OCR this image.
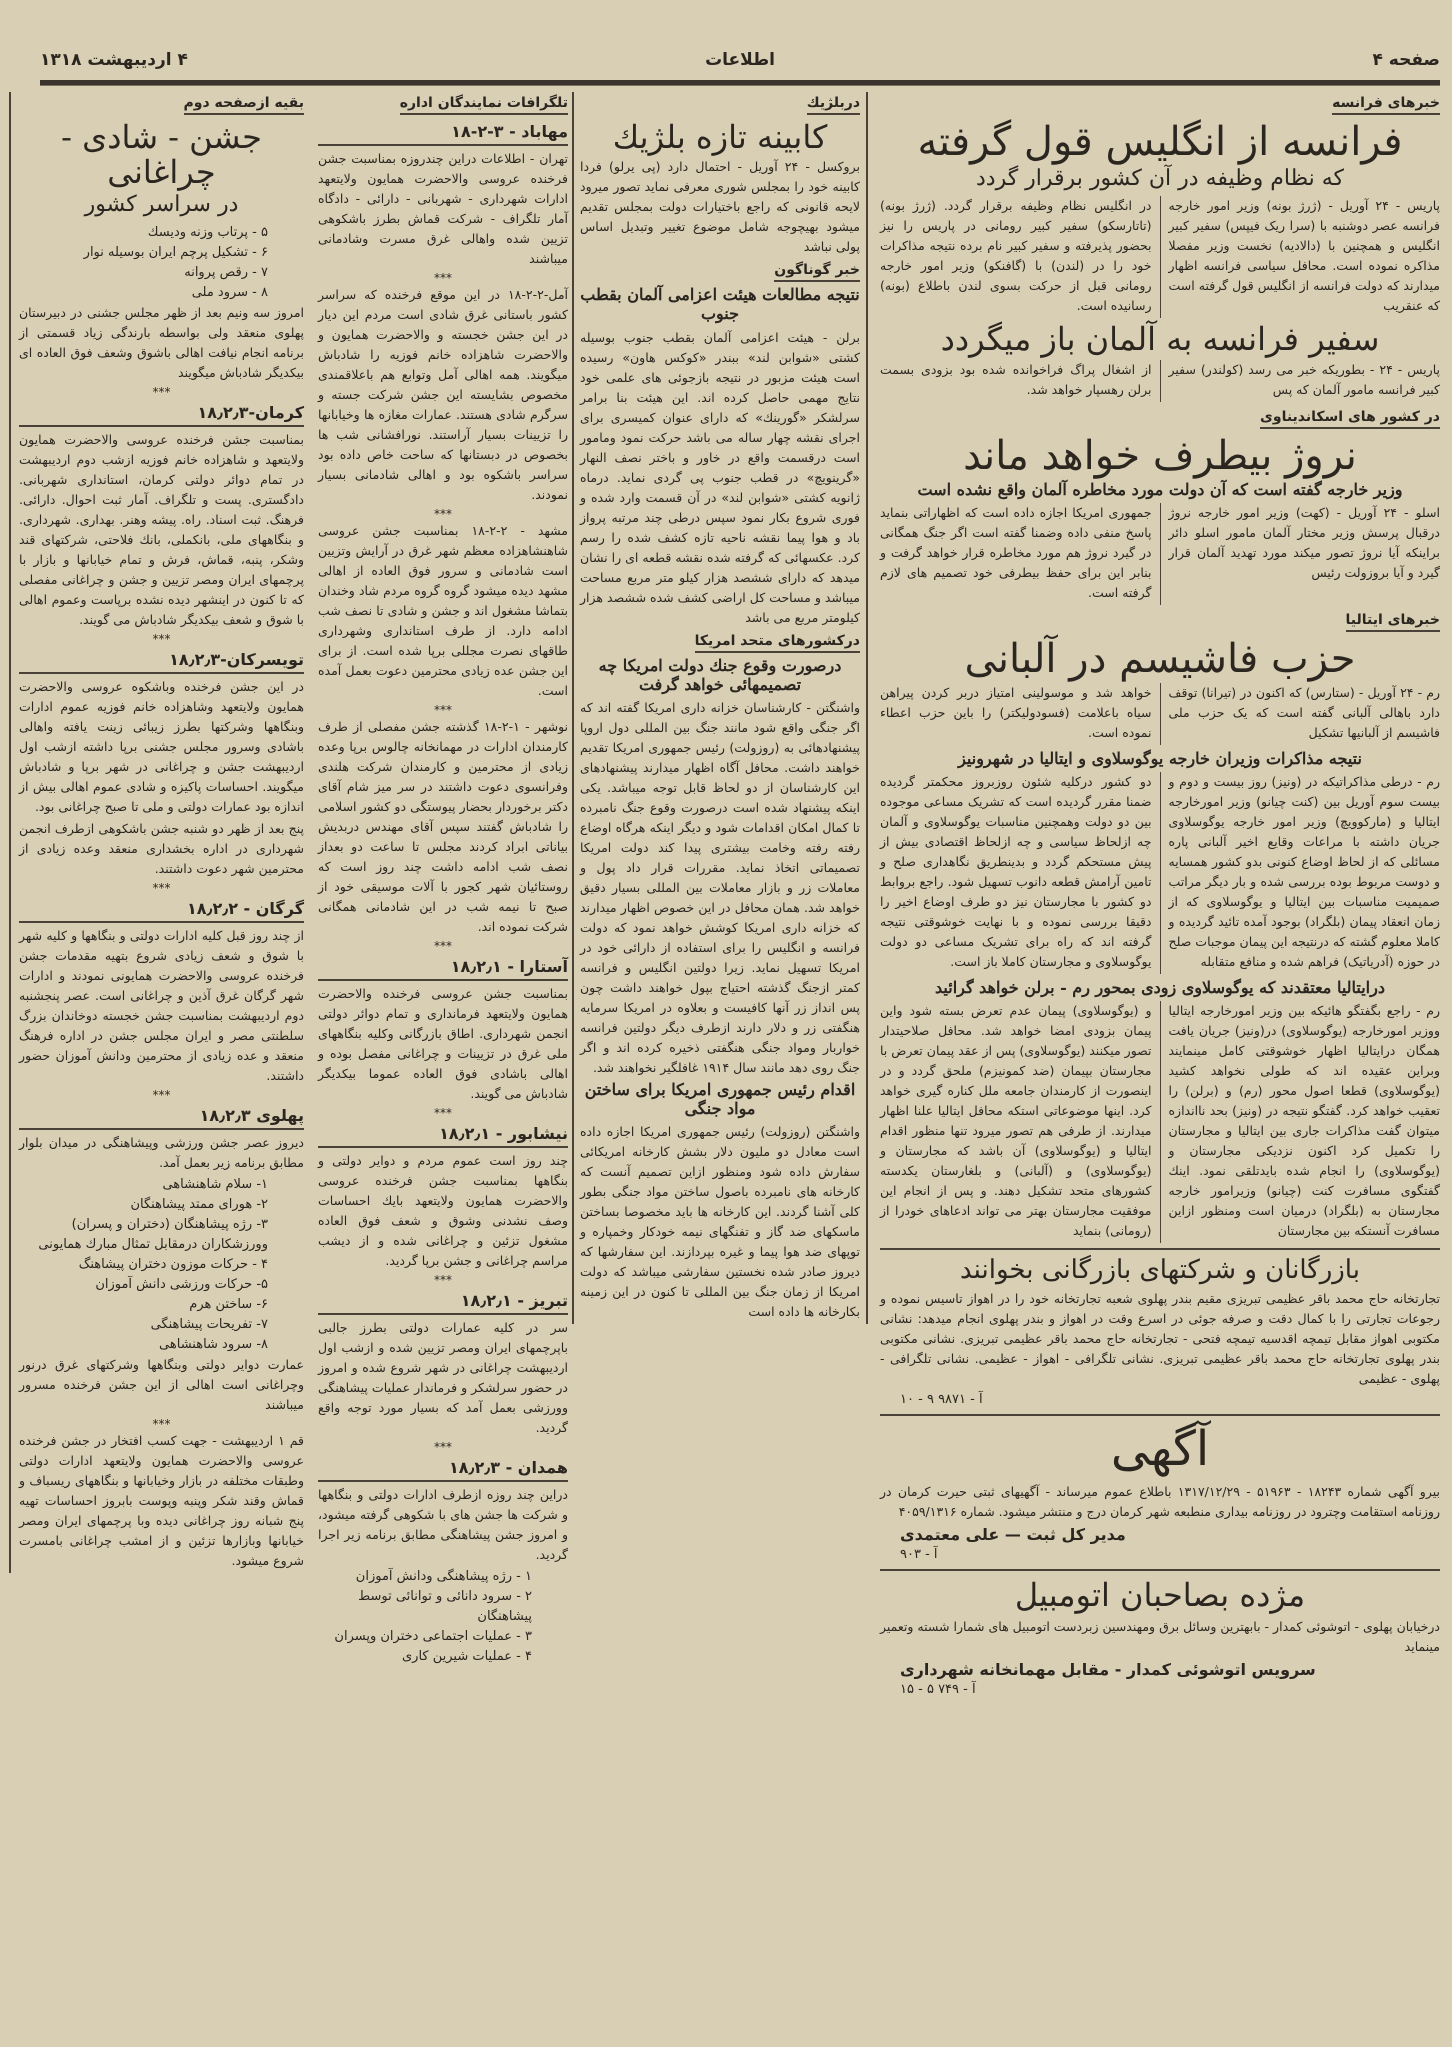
صفحه ۴
اطلاعات
۴ اردیبهشت ۱۳۱۸
خبرهای فرانسه
فرانسه از انگلیس قول گرفته
که نظام وظیفه در آن کشور برقرار گردد

پاریس - ۲۴ آوریل - (ژرژ بونه) وزیر امور خارجه فرانسه عصر دوشنبه با (سرا ریک فیپس) سفیر کبیر انگلیس و همچنین با (دالادیه) نخست وزیر مفصلا مذاکره نموده است. محافل سیاسی فرانسه اظهار میدارند که دولت فرانسه از انگلیس قول گرفته است که عنقریب

در انگلیس نظام وظیفه برقرار گردد. (ژرژ بونه) (تاتارسکو) سفیر کبیر رومانی در پاریس را نیز بحضور پذیرفته و سفیر کبیر نام برده نتیجه مذاکرات خود را در (لندن) با (گافنکو) وزیر امور خارجه رومانی قبل از حرکت بسوی لندن باطلاع (بونه) رسانیده است.

سفیر فرانسه به آلمان باز میگردد

پاریس - ۲۴ - بطوریکه خبر می رسد (کولندر) سفیر کبیر فرانسه مامور آلمان که پس

از اشغال پراگ فراخوانده شده بود بزودی بسمت برلن رهسپار خواهد شد.

در کشور های اسکاندیناوی
نروژ بیطرف خواهد ماند
وزیر خارجه گفته است که آن دولت مورد مخاطره آلمان واقع نشده است

اسلو - ۲۴ آوریل - (کهت) وزیر امور خارجه نروژ درقبال پرسش وزیر مختار آلمان مامور اسلو دائر براینکه آیا نروژ تصور میکند مورد تهدید آلمان قرار گیرد و آیا بروزولت رئیس

جمهوری امریکا اجازه داده است که اظهاراتی بنماید پاسخ منفی داده وضمنا گفته است اگر جنگ همگانی در گیرد نروژ هم مورد مخاطره قرار خواهد گرفت و بنابر این برای حفظ بیطرفی خود تصمیم های لازم گرفته است.

خبرهای ایتالیا
حزب فاشیسم در آلبانی

رم - ۲۴ آوریل - (ستارس) که اکنون در (تیرانا) توقف دارد باهالی آلبانی گفته است که یک حزب ملی فاشیسم از آلبانیها تشکیل

خواهد شد و موسولینی امتیاز دربر کردن پیراهن سیاه باعلامت (فسودولیکتر) را باین حزب اعطاء نموده است.

نتیجه مذاکرات وزیران خارجه یوگوسلاوی و ایتالیا در شهرونیز

رم - درطی مذاکراتیکه در (ونیز) روز بیست و دوم و بیست سوم آوریل بین (کنت چیانو) وزیر امورخارجه ایتالیا و (مارکوویچ) وزیر امور خارجه یوگوسلاوی جریان داشته با مراعات وقایع اخیر آلبانی پاره مسائلی که از لحاظ اوضاع کنونی بدو کشور همسایه و دوست مربوط بوده بررسی شده و بار دیگر مراتب صمیمیت مناسبات بین ایتالیا و یوگوسلاوی که از زمان انعقاد پیمان (بلگراد) بوجود آمده تائید گردیده و کاملا معلوم گشته که درنتیجه این پیمان موجبات صلح در حوزه (آدریاتیک) فراهم شده و منافع متقابله

دو کشور درکلیه شئون روزبروز محکمتر گردیده ضمنا مقرر گردیده است که تشریک مساعی موجوده بین دو دولت وهمچنین مناسبات یوگوسلاوی و آلمان چه ازلحاظ سیاسی و چه ازلحاظ اقتصادی بیش از پیش مستحکم گردد و بدینطریق نگاهداری صلح و تامین آرامش قطعه دانوب تسهیل شود. راجع بروابط دو کشور با مجارستان نیز دو طرف اوضاع اخیر را دقیقا بررسی نموده و با نهایت خوشوقتی نتیجه گرفته اند که راه برای تشریک مساعی دو دولت یوگوسلاوی و مجارستان کاملا باز است.

درایتالیا معتقدند که یوگوسلاوی زودی بمحور رم - برلن خواهد گرائید

رم - راجع بگفتگو هائیکه بین وزیر امورخارجه ایتالیا ووزیر امورخارجه (یوگوسلاوی) در(ونیز) جریان یافت همگان درایتالیا اظهار خوشوقتی کامل مینمایند وبراین عقیده اند که طولی نخواهد کشید (یوگوسلاوی) قطعا اصول محور (رم) و (برلن) را تعقیب خواهد کرد. گفتگو نتیجه در (ونیز) بحد نااندازه میتوان گفت مذاکرات جاری بین ایتالیا و مجارستان را تکمیل کرد اکنون نزدیکی مجارستان و (یوگوسلاوی) را انجام شده بایدتلقی نمود. اینك گفتگوی مسافرت کنت (چیانو) وزیرامور خارجه مجارستان به (بلگراد) درمیان است ومنظور ازاین مسافرت آنستکه بین مجارستان

و (یوگوسلاوی) پیمان عدم تعرض بسته شود واین پیمان بزودی امضا خواهد شد. محافل صلاحیتدار تصور میکنند (یوگوسلاوی) پس از عقد پیمان تعرض با مجارستان بپیمان (ضد کمونیزم) ملحق گردد و در اینصورت از کارمندان جامعه ملل کناره گیری خواهد کرد. اینها موضوعاتی استکه محافل ایتالیا علنا اظهار میدارند. از طرفی هم تصور میرود تنها منظور اقدام ایتالیا و (یوگوسلاوی) آن باشد که مجارستان و (یوگوسلاوی) و (آلبانی) و بلغارستان یکدسته کشورهای متحد تشکیل دهند. و پس از انجام این موفقیت مجارستان بهتر می تواند ادعاهای خودرا از (رومانی) بنماید

بازرگانان و شرکتهای بازرگانی بخوانند

تجارتخانه حاج محمد باقر عظیمی تبریزی مقیم بندر پهلوی شعبه تجارتخانه خود را در اهواز تاسیس نموده و رجوعات تجارتی را با کمال دقت و صرفه جوئی در اسرع وقت در اهواز و بندر پهلوی انجام میدهد: نشانی مکتوبی اهواز مقابل تیمچه اقدسیه تیمچه فتحی - تجارتخانه حاج محمد باقر عظیمی تبریزی. نشانی مکتوبی بندر پهلوی تجارتخانه حاج محمد باقر عظیمی تبریزی. نشانی تلگرافی - اهواز - عظیمی. نشانی تلگرافی - پهلوی - عظیمی

آ - ۹۸۷۱ ۹ - ۱۰
آگهی

بیرو آگهی شماره ۱۸۲۴۳ - ۵۱۹۶۳ - ۱۳۱۷/۱۲/۲۹ باطلاع عموم میرساند - آگهیهای ثبتی حیرت کرمان در روزنامه استقامت وچترود در روزنامه بیداری منطبعه شهر کرمان درج و منتشر میشود. شماره ۴۰۵۹/۱۳۱۶

مدیر کل ثبت — علی معتمدی
آ - ۹۰۳
مژده بصاحبان اتومبیل

درخیابان پهلوی - اتوشوئی کمدار - بابهترین وسائل برق ومهندسین زبردست اتومبیل های شمارا شسته وتعمیر مینماید

سرویس اتوشوئی کمدار - مقابل مهمانخانه شهرداری
آ - ۷۴۹ ۵ - ۱۵
دربلژیك
کابینه تازه بلژیك

بروکسل - ۲۴ آوریل - احتمال دارد (پی یرلو) فردا کابینه خود را بمجلس شوری معرفی نماید تصور میرود لایحه قانونی که راجع باختیارات دولت بمجلس تقدیم میشود بهیچوجه شامل موضوع تغییر وتبدیل اساس پولی نباشد

خبر گوناگون
نتیجه مطالعات هیئت اعزامی آلمان بقطب جنوب

برلن - هیئت اعزامی آلمان بقطب جنوب بوسیله کشتی «شوابن لند» ببندر «کوکس هاون» رسیده است هیئت مزبور در نتیجه بازجوئی های علمی خود نتایج مهمی حاصل کرده اند. این هیئت بنا برامر سرلشکر «گورینك» که دارای عنوان کمیسری برای اجرای نقشه چهار ساله می باشد حرکت نمود ومامور است درقسمت واقع در خاور و باختر نصف النهار «گرینویچ» در قطب جنوب پی گردی نماید. درماه ژانویه کشتی «شوابن لند» در آن قسمت وارد شده و فوری شروع بکار نمود سپس درطی چند مرتبه پرواز باد و هوا پیما نقشه ناحیه تازه کشف شده را رسم کرد. عکسهائی که گرفته شده نقشه قطعه ای را نشان میدهد که دارای ششصد هزار کیلو متر مربع مساحت میباشد و مساحت کل اراضی کشف شده ششصد هزار کیلومتر مربع می باشد

درکشورهای متحد امریکا
درصورت وقوع جنك دولت امریکا چه تصمیمهائی خواهد گرفت

واشنگتن - کارشناسان خزانه داری امریکا گفته اند که اگر جنگی واقع شود مانند جنگ بین المللی دول اروپا پیشنهادهائی به (روزولت) رئیس جمهوری امریکا تقدیم خواهند داشت. محافل آگاه اظهار میدارند پیشنهادهای این کارشناسان از دو لحاظ قابل توجه میباشد. یکی اینکه پیشنهاد شده است درصورت وقوع جنگ نامبرده تا کمال امکان اقدامات شود و دیگر اینکه هرگاه اوضاع رفته رفته وخامت بیشتری پیدا کند دولت امریکا تصمیماتی اتخاذ نماید. مقررات قرار داد پول و معاملات زر و بازار معاملات بین المللی بسیار دقیق خواهد شد. همان محافل در این خصوص اظهار میدارند که خزانه داری امریکا کوشش خواهد نمود که دولت فرانسه و انگلیس را برای استفاده از دارائی خود در امریکا تسهیل نماید. زیرا دولتین انگلیس و فرانسه کمتر ازجنگ گذشته احتیاج بپول خواهند داشت چون پس انداز زر آنها کافیست و بعلاوه در امریکا سرمایه هنگفتی زر و دلار دارند ازطرف دیگر دولتین فرانسه خواربار ومواد جنگی هنگفتی ذخیره کرده اند و اگر جنگ روی دهد مانند سال ۱۹۱۴ غافلگیر نخواهند شد.

اقدام رئیس جمهوری امریکا برای ساختن مواد جنگی

واشنگتن (روزولت) رئیس جمهوری امریکا اجازه داده است معادل دو ملیون دلار بشش کارخانه امریکائی سفارش داده شود ومنظور ازاین تصمیم آنست که کارخانه های نامبرده باصول ساختن مواد جنگی بطور کلی آشنا گردند. این کارخانه ها باید مخصوصا بساختن ماسکهای ضد گاز و تفنگهای نیمه خودکار وخمپاره و توپهای ضد هوا پیما و غیره بپردازند. این سفارشها که دیروز صادر شده نخستین سفارشی میباشد که دولت امریکا از زمان جنگ بین المللی تا کنون در این زمینه بکارخانه ها داده است

تلگرافات نمایندگان اداره
مهاباد - ۳-۲-۱۸

تهران - اطلاعات دراین چندروزه بمناسبت جشن فرخنده عروسی والاحضرت همایون ولایتعهد ادارات شهرداری - شهربانی - دارائی - دادگاه آمار تلگراف - شرکت قماش بطرز باشکوهی تزیین شده واهالی غرق مسرت وشادمانی میباشند

***

آمل-۲-۲-۱۸ در این موقع فرخنده که سراسر کشور باستانی غرق شادی است مردم این دیار در این جشن خجسته و والاحضرت همایون و والاحضرت شاهزاده خانم فوزیه را شادباش میگویند. همه اهالی آمل وتوابع هم باعلاقمندی مخصوص بشایسته این جشن شرکت جسته و سرگرم شادی هستند. عمارات مغازه ها وخیابانها را تزیینات بسیار آراستند. نورافشانی شب ها بخصوص در دبستانها که ساحت خاص داده بود سراسر باشکوه بود و اهالی شادمانی بسیار نمودند.

***

مشهد - ۲-۲-۱۸ بمناسبت جشن عروسی شاهنشاهزاده معظم شهر غرق در آرایش وتزیین است شادمانی و سرور فوق العاده از اهالی مشهد دیده میشود گروه گروه مردم شاد وخندان بتماشا مشغول اند و جشن و شادی تا نصف شب ادامه دارد. از طرف استانداری وشهرداری طاقهای نصرت مجللی برپا شده است. از برای این جشن عده زیادی محترمین دعوت بعمل آمده است.

***

نوشهر - ۱-۲-۱۸ گذشته جشن مفصلی از طرف کارمندان ادارات در مهمانخانه چالوس برپا وعده زیادی از محترمین و کارمندان شرکت هلندی وفرانسوی دعوت داشتند در سر میز شام آقای دکتر برخوردار بحضار پیوستگی دو کشور اسلامی را شادباش گفتند سپس آقای مهندس دربدیش بیاناتی ابراد کردند مجلس تا ساعت دو بعداز نصف شب ادامه داشت چند روز است که روستائیان شهر کجور با آلات موسیقی خود از صبح تا نیمه شب در این شادمانی همگانی شرکت نموده اند.

***
آستارا - ۱۸٫۲٫۱

بمناسبت جشن عروسی فرخنده والاحضرت همایون ولایتعهد فرمانداری و تمام دوائر دولتی انجمن شهرداری. اطاق بازرگانی وکلیه بنگاههای ملی غرق در تزیینات و چراغانی مفصل بوده و اهالی باشادی فوق العاده عموما بیکدیگر شادباش می گویند.

***
نیشابور - ۱۸٫۲٫۱

چند روز است عموم مردم و دوایر دولتی و بنگاهها بمناسبت جشن فرخنده عروسی والاحضرت همایون ولایتعهد بایك احساسات وصف نشدنی وشوق و شعف فوق العاده مشغول تزئین و چراغانی شده و از دیشب مراسم چراغانی و جشن برپا گردید.

***
تبریز - ۱۸٫۲٫۱

سر در کلیه عمارات دولتی بطرز جالبی باپرچمهای ایران ومصر تزیین شده و ازشب اول اردیبهشت چراغانی در شهر شروع شده و امروز در حضور سرلشکر و فرماندار عملیات پیشاهنگی وورزشی بعمل آمد که بسیار مورد توجه واقع گردید.

***
همدان - ۱۸٫۲٫۳

دراین چند روزه ازطرف ادارات دولتی و بنگاهها و شرکت ها جشن های با شکوهی گرفته میشود، و امروز جشن پیشاهنگی مطابق برنامه زیر اجرا گردید.

۱ - رژه پیشاهنگی ودانش آموزان
۲ - سرود دانائی و توانائی توسط پیشاهنگان
۳ - عملیات اجتماعی دختران وپسران
۴ - عملیات شیرین کاری
بقیه ازصفحه دوم
جشن - شادی - چراغانی
در سراسر کشور
۵ - پرتاب وزنه ودیسك
۶ - تشکیل پرچم ایران بوسیله نوار
۷ - رقص پروانه
۸ - سرود ملی

امروز سه ونیم بعد از ظهر مجلس جشنی در دبیرستان پهلوی منعقد ولی بواسطه بارندگی زیاد قسمتی از برنامه انجام نیافت اهالی باشوق وشعف فوق العاده ای بیکدیگر شادباش میگویند

***
کرمان-۱۸٫۲٫۳

بمناسبت جشن فرخنده عروسی والاحضرت همایون ولایتعهد و شاهزاده خانم فوزیه ازشب دوم اردیبهشت در تمام دوائر دولتی کرمان، استانداری شهربانی. دادگستری. پست و تلگراف. آمار ثبت احوال. دارائی. فرهنگ. ثبت اسناد. راه. پیشه وهنر. بهداری. شهرداری. و بنگاههای ملی، بانکملی، بانك فلاحتی، شرکتهای قند وشکر، پنبه، قماش، فرش و تمام خیابانها و بازار با پرچمهای ایران ومصر تزیین و جشن و چراغانی مفصلی که تا کنون در اینشهر دیده نشده برپاست وعموم اهالی با شوق و شعف بیکدیگر شادباش می گویند.

***
تویسرکان-۱۸٫۲٫۳

در این جشن فرخنده وباشکوه عروسی والاحضرت همایون ولایتعهد وشاهزاده خانم فوزیه عموم ادارات وبنگاهها وشرکتها بطرز زیبائی زینت یافته واهالی باشادی وسرور مجلس جشنی برپا داشته ازشب اول اردیبهشت جشن و چراغانی در شهر برپا و شادباش میگویند. احساسات پاکیزه و شادی عموم اهالی بیش از اندازه بود عمارات دولتی و ملی تا صبح چراغانی بود.

پنج بعد از ظهر دو شنبه جشن باشکوهی ازطرف انجمن شهرداری در اداره بخشداری منعقد وعده زیادی از محترمین شهر دعوت داشتند.

***
گرگان - ۱۸٫۲٫۲

از چند روز قبل کلیه ادارات دولتی و بنگاهها و کلیه شهر با شوق و شعف زیادی شروع بتهیه مقدمات جشن فرخنده عروسی والاحضرت همایونی نمودند و ادارات شهر گرگان غرق آذین و چراغانی است. عصر پنجشنبه دوم اردیبهشت بمناسبت جشن خجسته دوخاندان بزرگ سلطنتی مصر و ایران مجلس جشن در اداره فرهنگ منعقد و عده زیادی از محترمین ودانش آموزان حضور داشتند.

***
پهلوی ۱۸٫۲٫۳

دیروز عصر جشن ورزشی وپیشاهنگی در میدان بلوار مطابق برنامه زیر بعمل آمد.

۱- سلام شاهنشاهی
۲- هورای ممتد پیشاهنگان
۳- رژه پیشاهنگان (دختران و پسران) وورزشکاران درمقابل تمثال مبارك همایونی
۴ - حرکات موزون دختران پیشاهنگ
۵- حرکات ورزشی دانش آموزان
۶- ساختن هرم
۷- تفریحات پیشاهنگی
۸- سرود شاهنشاهی

عمارت دوایر دولتی وبنگاهها وشرکتهای غرق درنور وچراغانی است اهالی از این جشن فرخنده مسرور میباشند

***

قم ۱ اردیبهشت - جهت کسب افتخار در جشن فرخنده عروسی والاحضرت همایون ولایتعهد ادارات دولتی وطبقات مختلفه در بازار وخیابانها و بنگاههای ریسباف و قماش وقند شکر وپنبه وپوست بابروز احساسات تهیه پنج شبانه روز چراغانی دیده وبا پرچمهای ایران ومصر خیابانها وبازارها تزئین و از امشب چراغانی بامسرت شروع میشود.
